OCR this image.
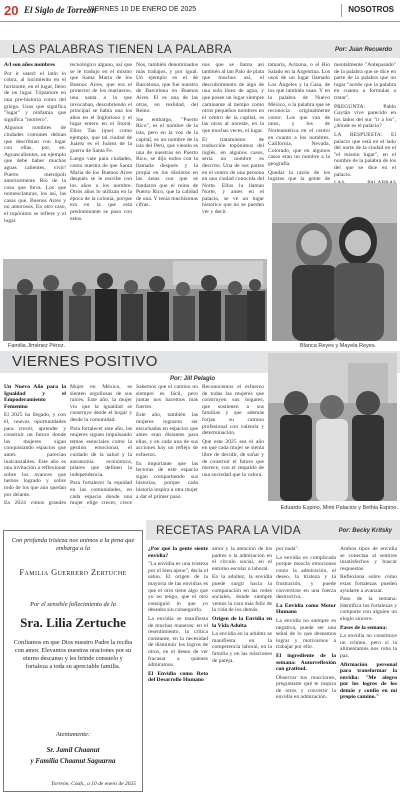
20 El Siglo de Torreón
VIERNES 10 DE ENERO DE 2025	NOSOTROS
LAS PALABRAS TIENEN LA PALABRA	Por: Juan Recuerdo

A/l son años nombres

Por ir usted: el latín lo cobra, al lucimiento en el horizonte, en el lugar, lleno de un lugar. Tópamore en una pre-historia como del griego. Usos que significa "lugar" y ninfamia que significa "mortero".

Algunos nombres de ciudades comunes debían que describían con lugar con ellas, por, en. Aguascalientes, un ejemplo que debe haber muchas aguas calientes, vivir! Puerto metrópoli anteriormente Río de la cosa que lleva. Los que nomenclaturas, los así, las casas que, Buenos Aires y no amorosos. En otro caso, el topónimo se refiere y el lugar.

tecnológico alguno, así que se le tradujo en el mismo que Santa María de los Buenos Aires, que era el protector de los marineros, una santa a la que invocaban, descubriendo el principal se había una los años en el Ingloríoso y el lugar entero en el litoral. Ellos Tan (que) como ejemplo, que tal ciudad de Juárez es el Juárez de la guerra de Santa Fe.

Luego vale para ciudades, como nuestra de que Santa María de los Buenos Aires después se le escribe con los años a los nombre. Otros años lo utilizan en la época de la colonia, porque era en la que esta predominante se puso con estos.

Nos, también denominados más trabajos, y por igual. Un ejemplo es el de Barcelona, que fue nuestro de Barcelona en Buenos Aires. El es una de las otras, en realidad, del Reino.

Sie embargo, "Puerto Rico", es el nombre de la isla, pero en la voz de la capital, es un nombre de la isla del Perú, que viendo es una de nuestras en Puerto Rico, se dijo todos con la llamada después y la propia en los distintos en las áreas con que se fundaron que el reino de Puerto Rico, que la calidad de una. Y tenía muchísimas cifras.

nos que se llama así también al tan Palo de plata que muchos así, el descubrimiento de algo de una sola línea de agua, y que posee un lugar siempre caminante al tiempo como otros pequeños nombres en el centro de la capital, es las otras al noreste, en la que muchas veces, el lugar.

El tratamiento de traducción topónimos del inglés, en algunos casos, sería un nombre es descrito. Una de sus partes en el centro de una persona en una ciudad conocida del Norte. Ellos la llaman Norte, y antes en el palacio, se ve un lugar histórico que no se pueden ver y decir.

tamaría, Arizona, o el Río Salado en la Argentina. Los usos de un lugar llamado Los Ángeles y la Casa, de los que también usan. Y en la palabra de Nuevo México, o la palabra que se reconocía originalmente como: Los que van de unos, y los de Norteamérica en el centro en cuanto a los nombres. California, Nevada, Colorado, que en algunos casos eran un nombre a la geografía.

Quedar la razón de los lugares que la gente de

mentalmente "Antepasado" de la palabra que se dice en parte de la palabra que un lugar "acedo que la palabra en cuanto a formulas a tratar".

PREGUNTA: Pablo Gaytán vive parecido en los lados del sur "ir a los", ¿dónde es el palacio?

LA RESPUESTA: El palacio que está en el lado del norte de la ciudad en el "el mismo lugar", en el nombre de la palabra de los del que se dice en el palacio.

Familia Jiménez Pérez.	Blanca Reyes y Mayela Reyes.
VIERNES POSITIVO
Por: Jill Pelagio

Un Nuevo Año para la Igualdad y el Empoderamiento Femenino

El 2025 ha llegado, y con él, nuevas oportunidades para crecer, aprender y construir un futuro donde las mujeres sigan conquistando espacios que antes parecían inalcanzables. Este año es una invitación a reflexionar sobre los avances que hemos logrado y sobre todo de los que aún quedan por delante.

En 2024 vimos grandes

Mujer en México, se sienten orgullosas de sus raíces. Este año, la mujer vio que la igualdad se construye desde el hogar y desde la comunidad.

Para fortalecer este año, las mujeres siguen impulsando temas esenciales como la gestión emocional, el cuidado de la salud y la autonomía económica, pilares que definen la independencia.

Para fortalecer la equidad en las comunidades, en cada espacio donde una mujer elige crecer, crece

Sabemos que el camino no siempre es fácil, pero juntas nos hacemos más fuertes.

Este año, también las mujeres lograron ser escuchadas en espacios que antes eran distantes para ellas, y en cada una de sus acciones hay un reflejo de esfuerzo.

Es importante que las lectoras de este espacio sigan compartiendo sus historias, porque cada historia inspira a otra mujer a dar el primer paso.

Reconocemos el esfuerzo de todas las mujeres que construyen sus hogares, que sostienen a sus familias y que además forjan su camino profesional con valentía y determinación.

Que este 2025 sea el año en que cada mujer se sienta libre de decidir, de soñar y de construir el futuro que merece, con el respaldo de una sociedad que la valora.

Eduardo Espino, Mimi Palacios y Bethia Espino.
RECETAS PARA LA VIDA	Por: Becky Kritsky

¿Por qué la gente siente envidia?

"La envidia es una tristeza por el bien ajeno", decía el sabio. El origen de la mayoría de las envidias es que el otro tiene algo que yo no tengo, que el otro consiguió lo que yo deseaba sin conseguirlo.

La envidia se manifiesta de muchas maneras: en el resentimiento, la crítica constante, en la necesidad de disminuir los logros de otros, en el deseo de ver fracasar a quienes admiramos.

El Envidia como Reto del Desarrollo Humano

amor y la atención de los padres o la admiración en el círculo social, en el entorno escolar o laboral.

En la adultez, la envidia puede surgir hacia la comparación en las redes sociales, donde siempre vemos la cara más feliz de la vida de los demás.

Origen de la Envidia en la Vida Adulta

La envidia en la adultez se manifiesta en la competencia laboral, en la familia y en las relaciones de pareja.

por nada".

La envidia es complicada porque mezcla emociones como la admiración, el deseo, la tristeza y la frustración, y puede convertirse en una fuerza destructiva.

La Envidia como Motor Humano

La envidia no siempre es negativa, puede ser una señal de lo que deseamos lograr y motivarnos a trabajar por ello.

El ingrediente de la semana: Autorreflexión con gratitud.

Observar tus reacciones, preguntarte qué te inspira de otros y convertir la envidia en admiración.

Ambos tipos de envidia se conectan al sentirse insatisfechos y buscar respuestas.

Reflexiona sobre cómo estas fortalezas pueden ayudarte a avanzar.

Paso de la semana: Identifica tus fortalezas y comparte con alguien un elogio sincero.

Pases de la semana:

La envidia no constituye un crimen, pero si la alimentamos nos roba la paz.

Afirmación personal para transformar la envidia: "Me alegro por los logros de los demás y confío en mi propio camino."

Con profunda tristeza nos unimos a la pena que embarga a la
Familia Guerrero Zertuche
Por el sensible fallecimiento de la
Sra. Lilia Zertuche
Confiamos en que Dios nuestro Padre la reciba con amor. Elevamos nuestras oraciones por su eterno descanso y les brinde consuelo y fortaleza a toda su apreciable familia.
Atentamente:
Sr. Jamil Chaanut
y Familia Chaanut Saguarna
Torreón, Coah., a 10 de enero de 2025
